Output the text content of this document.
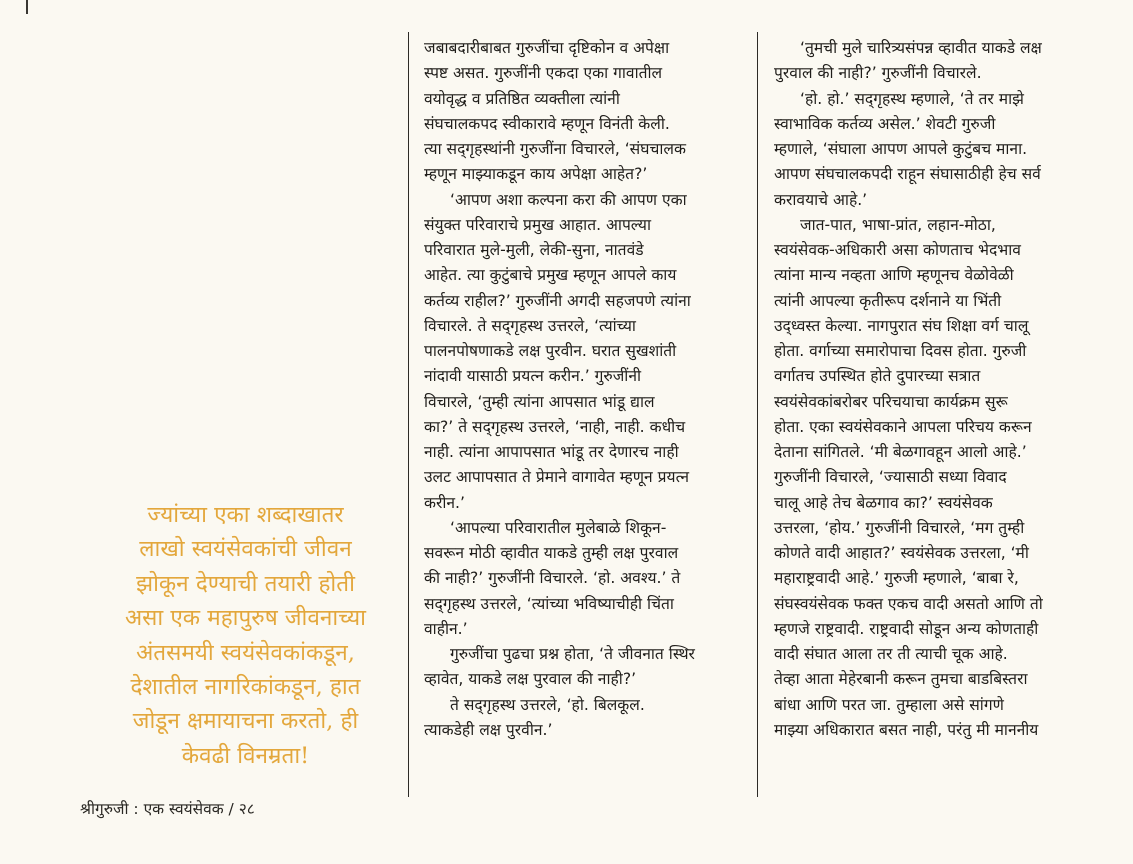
ज्यांच्या एका शब्दाखातर
लाखो स्वयंसेवकांची जीवन
झोकून देण्याची तयारी होती
असा एक महापुरुष जीवनाच्या
अंतसमयी स्वयंसेवकांकडून,
देशातील नागरिकांकडून, हात
जोडून क्षमायाचना करतो, ही
केवढी विनम्रता!
श्रीगुरुजी : एक स्वयंसेवक / २८
जबाबदारीबाबत गुरुजींचा दृष्टिकोन व अपेक्षा
स्पष्ट असत. गुरुजींनी एकदा एका गावातील
वयोवृद्ध व प्रतिष्ठित व्यक्तीला त्यांनी
संघचालकपद स्वीकारावे म्हणून विनंती केली.
त्या सद्‌गृहस्थांनी गुरुजींना विचारले, ‘संघचालक
म्हणून माझ्याकडून काय अपेक्षा आहेत?’
‘आपण अशा कल्पना करा की आपण एका
संयुक्त परिवाराचे प्रमुख आहात. आपल्या
परिवारात मुले-मुली, लेकी-सुना, नातवंडे
आहेत. त्या कुटुंबाचे प्रमुख म्हणून आपले काय
कर्तव्य राहील?’ गुरुजींनी अगदी सहजपणे त्यांना
विचारले. ते सद्‌गृहस्थ उत्तरले, ‘त्यांच्या
पालनपोषणाकडे लक्ष पुरवीन. घरात सुखशांती
नांदावी यासाठी प्रयत्न करीन.’ गुरुजींनी
विचारले, ‘तुम्ही त्यांना आपसात भांडू द्याल
का?’ ते सद्‌गृहस्थ उत्तरले, ‘नाही, नाही. कधीच
नाही. त्यांना आपापसात भांडू तर देणारच नाही
उलट आपापसात ते प्रेमाने वागावेत म्हणून प्रयत्न
करीन.’
‘आपल्या परिवारातील मुलेबाळे शिकून-
सवरून मोठी व्हावीत याकडे तुम्ही लक्ष पुरवाल
की नाही?’ गुरुजींनी विचारले. ‘हो. अवश्य.’ ते
सद्‌गृहस्थ उत्तरले, ‘त्यांच्या भविष्याचीही चिंता
वाहीन.’
गुरुजींचा पुढचा प्रश्न होता, ‘ते जीवनात स्थिर
व्हावेत, याकडे लक्ष पुरवाल की नाही?’
ते सद्‌गृहस्थ उत्तरले, ‘हो. बिलकूल.
त्याकडेही लक्ष पुरवीन.’
‘तुमची मुले चारित्र्यसंपन्न व्हावीत याकडे लक्ष
पुरवाल की नाही?’ गुरुजींनी विचारले.
‘हो. हो.’ सद्‌गृहस्थ म्हणाले, ‘ते तर माझे
स्वाभाविक कर्तव्य असेल.’ शेवटी गुरुजी
म्हणाले, ‘संघाला आपण आपले कुटुंबच माना.
आपण संघचालकपदी राहून संघासाठीही हेच सर्व
करावयाचे आहे.’
जात-पात, भाषा-प्रांत, लहान-मोठा,
स्वयंसेवक-अधिकारी असा कोणताच भेदभाव
त्यांना मान्य नव्हता आणि म्हणूनच वेळोवेळी
त्यांनी आपल्या कृतीरूप दर्शनाने या भिंती
उद्ध्वस्त केल्या. नागपुरात संघ शिक्षा वर्ग चालू
होता. वर्गाच्या समारोपाचा दिवस होता. गुरुजी
वर्गातच उपस्थित होते दुपारच्या सत्रात
स्वयंसेवकांबरोबर परिचयाचा कार्यक्रम सुरू
होता. एका स्वयंसेवकाने आपला परिचय करून
देताना सांगितले. ‘मी बेळगावहून आलो आहे.’
गुरुजींनी विचारले, ‘ज्यासाठी सध्या विवाद
चालू आहे तेच बेळगाव का?’ स्वयंसेवक
उत्तरला, ‘होय.’ गुरुजींनी विचारले, ‘मग तुम्ही
कोणते वादी आहात?’ स्वयंसेवक उत्तरला, ‘मी
महाराष्ट्रवादी आहे.’ गुरुजी म्हणाले, ‘बाबा रे,
संघस्वयंसेवक फक्त एकच वादी असतो आणि तो
म्हणजे राष्ट्रवादी. राष्ट्रवादी सोडून अन्य कोणताही
वादी संघात आला तर ती त्याची चूक आहे.
तेव्हा आता मेहेरबानी करून तुमचा बाडबिस्तरा
बांधा आणि परत जा. तुम्हाला असे सांगणे
माझ्या अधिकारात बसत नाही, परंतु मी माननीय
